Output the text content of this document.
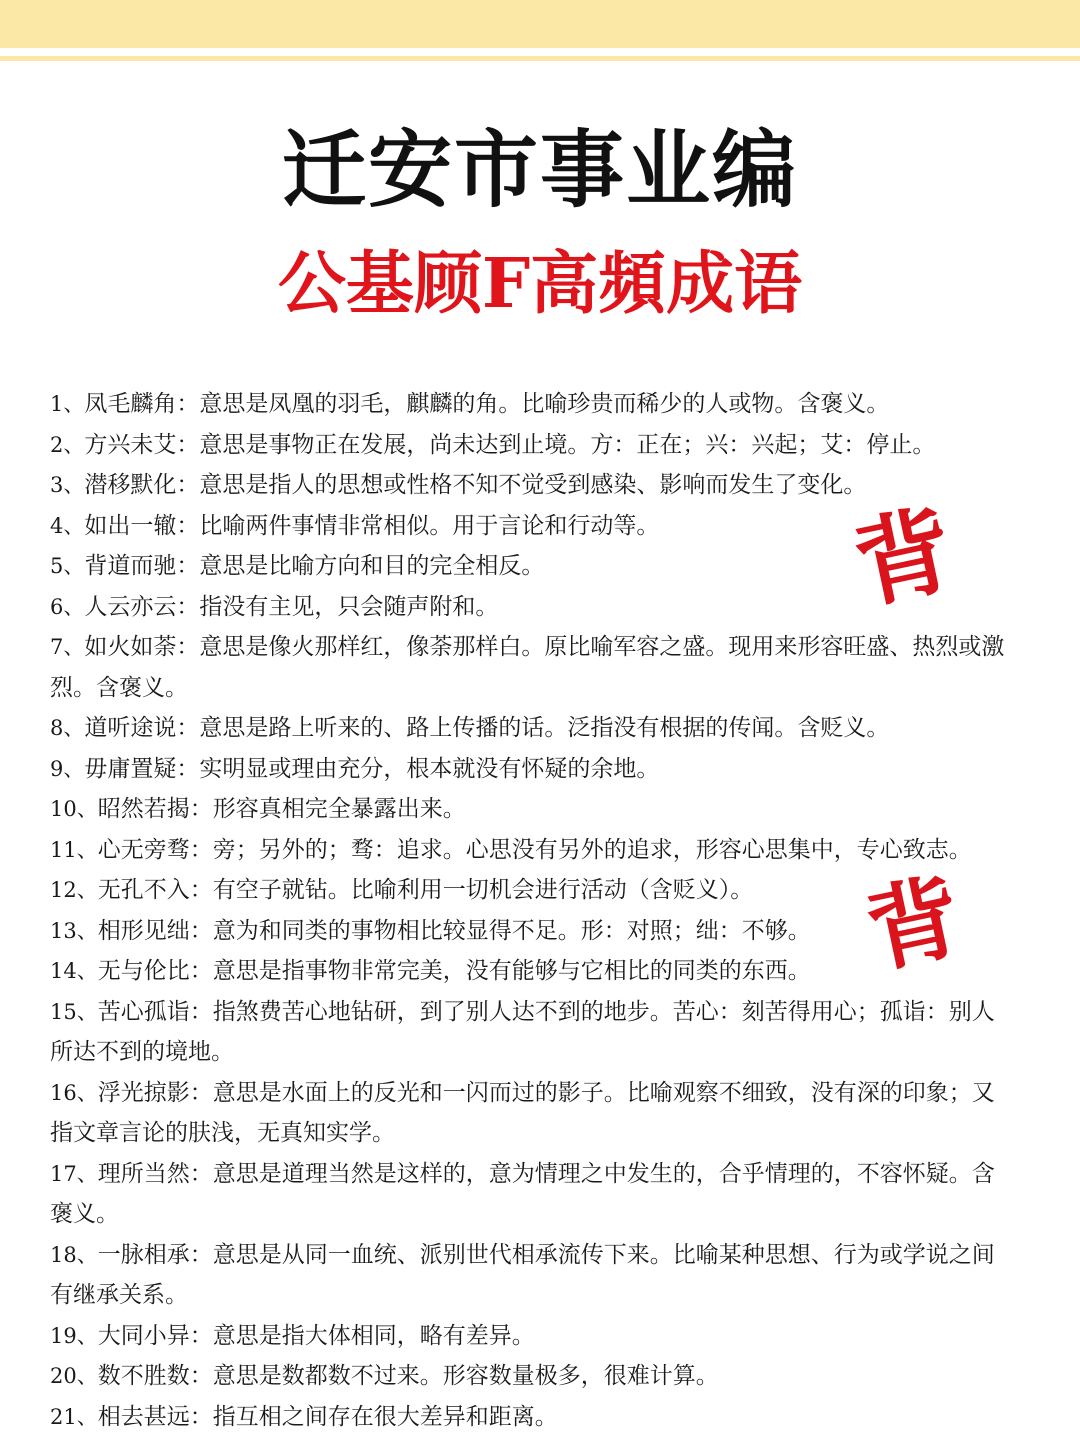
迁安市事业编
公基顾F高頻成语
1、凤毛麟角：意思是凤凰的羽毛，麒麟的角。比喻珍贵而稀少的人或物。含褒义。
2、方兴未艾：意思是事物正在发展，尚未达到止境。方：正在；兴：兴起；艾：停止。
3、潜移默化：意思是指人的思想或性格不知不觉受到感染、影响而发生了变化。
4、如出一辙：比喻两件事情非常相似。用于言论和行动等。
5、背道而驰：意思是比喻方向和目的完全相反。
6、人云亦云：指没有主见，只会随声附和。
7、如火如荼：意思是像火那样红，像荼那样白。原比喻军容之盛。现用来形容旺盛、热烈或激烈。含褒义。
8、道听途说：意思是路上听来的、路上传播的话。泛指没有根据的传闻。含贬义。
9、毋庸置疑：实明显或理由充分，根本就没有怀疑的余地。
10、昭然若揭：形容真相完全暴露出来。
11、心无旁骛：旁；另外的；骛：追求。心思没有另外的追求，形容心思集中，专心致志。
12、无孔不入：有空子就钻。比喻利用一切机会进行活动（含贬义）。
13、相形见绌：意为和同类的事物相比较显得不足。形：对照；绌：不够。
14、无与伦比：意思是指事物非常完美，没有能够与它相比的同类的东西。
15、苦心孤诣：指煞费苦心地钻研，到了别人达不到的地步。苦心：刻苦得用心；孤诣：别人所达不到的境地。
16、浮光掠影：意思是水面上的反光和一闪而过的影子。比喻观察不细致，没有深的印象；又指文章言论的肤浅，无真知实学。
17、理所当然：意思是道理当然是这样的，意为情理之中发生的，合乎情理的，不容怀疑。含褒义。
18、一脉相承：意思是从同一血统、派别世代相承流传下来。比喻某种思想、行为或学说之间有继承关系。
19、大同小异：意思是指大体相同，略有差异。
20、数不胜数：意思是数都数不过来。形容数量极多，很难计算。
21、相去甚远：指互相之间存在很大差异和距离。
背
背
